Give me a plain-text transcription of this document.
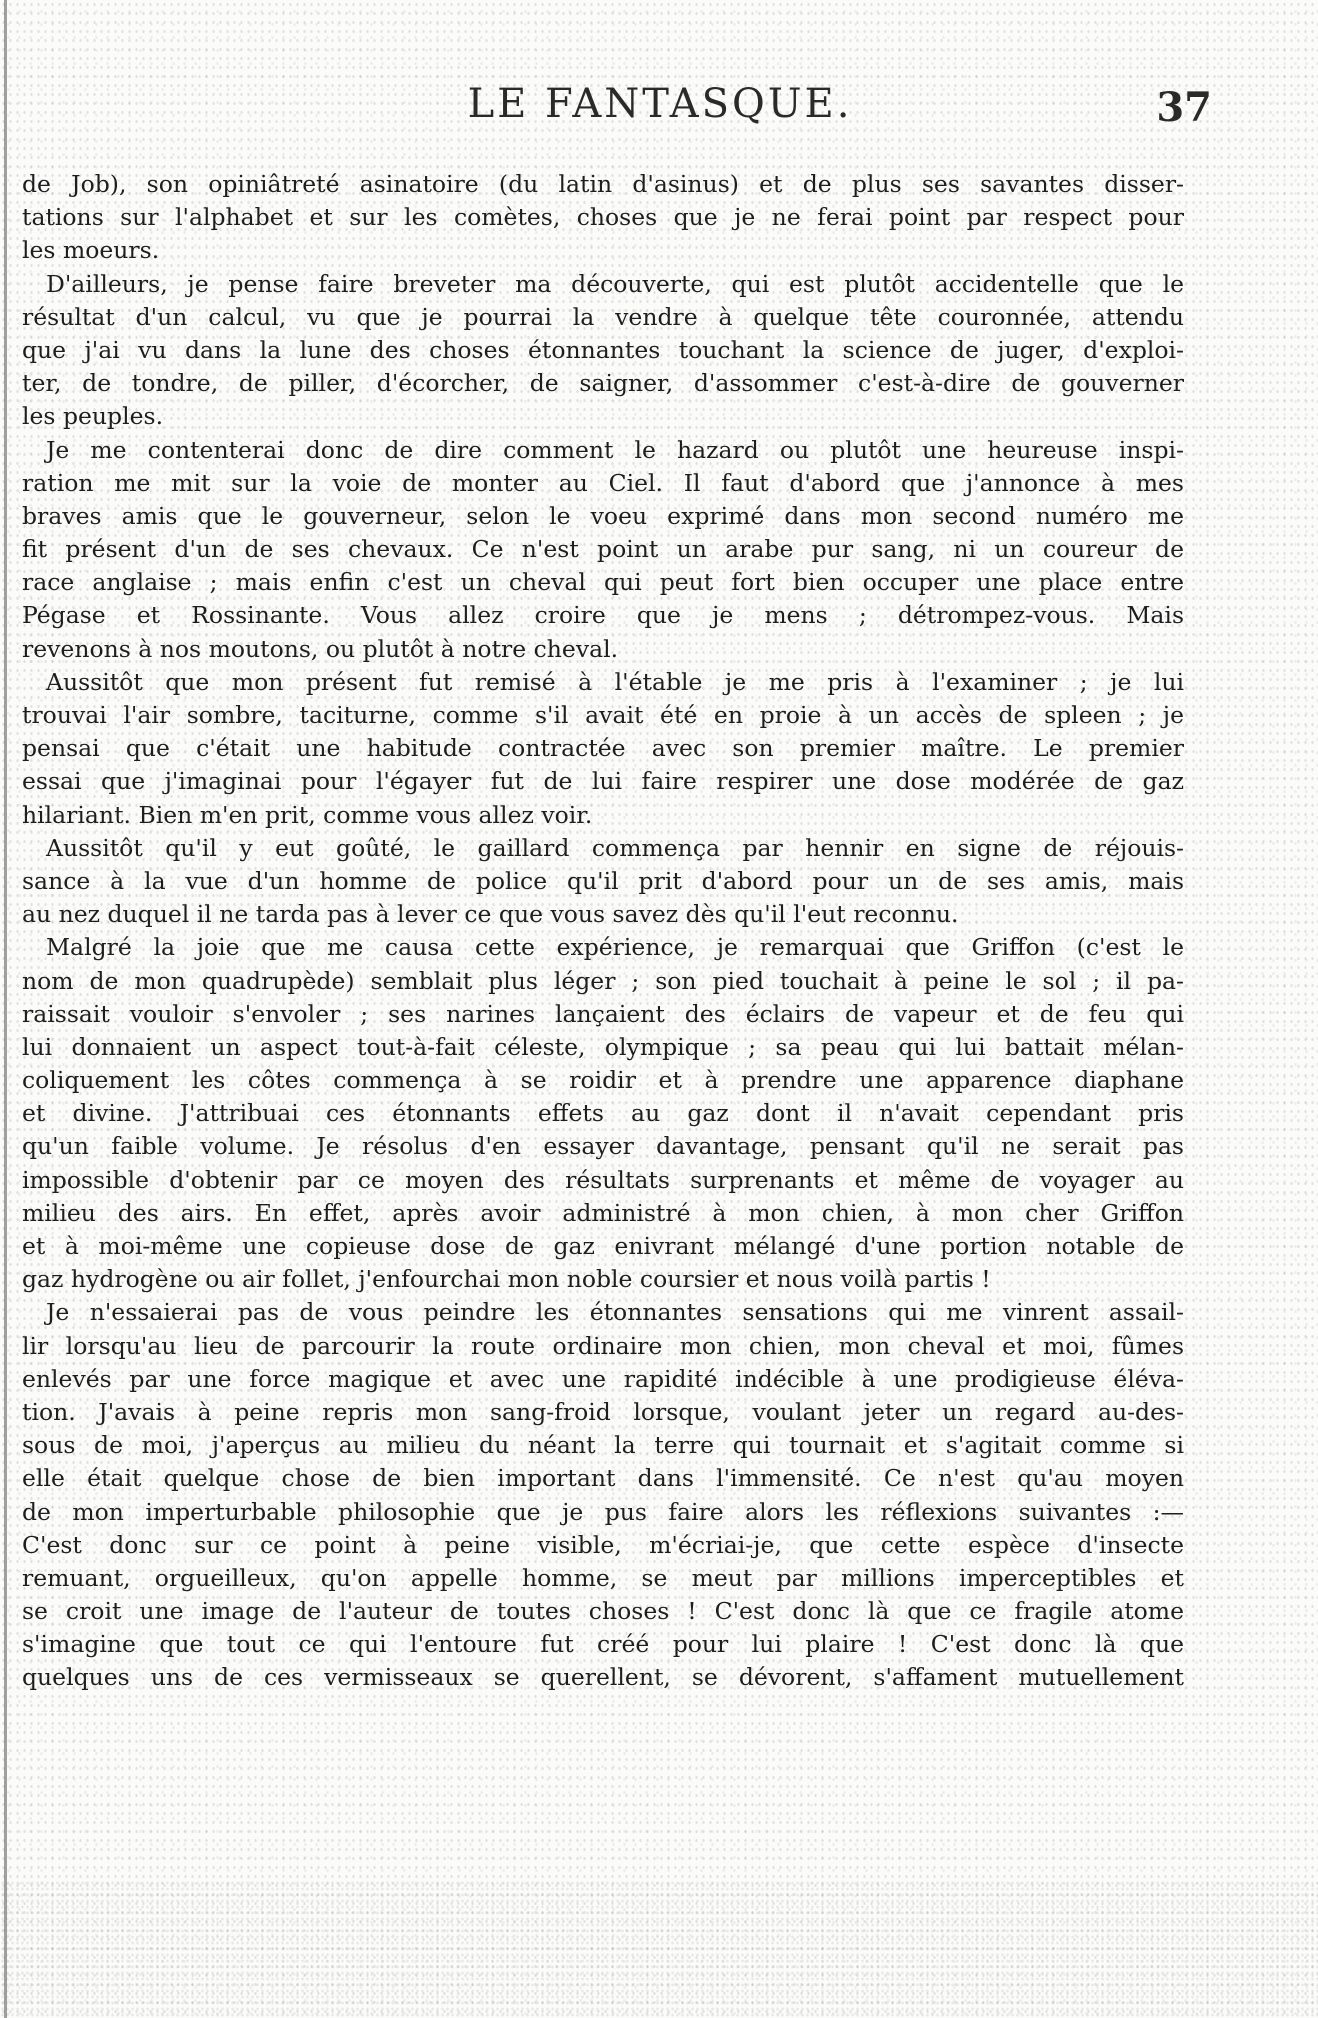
LE FANTASQUE.	37
de Job), son opiniâtreté asinatoire (du latin d'asinus) et de plus ses savantes disser-
tations sur l'alphabet et sur les comètes, choses que je ne ferai point par respect pour
les moeurs.
D'ailleurs, je pense faire breveter ma découverte, qui est plutôt accidentelle que le
résultat d'un calcul, vu que je pourrai la vendre à quelque tête couronnée, attendu
que j'ai vu dans la lune des choses étonnantes touchant la science de juger, d'exploi-
ter, de tondre, de piller, d'écorcher, de saigner, d'assommer c'est-à-dire de gouverner
les peuples.
Je me contenterai donc de dire comment le hazard ou plutôt une heureuse inspi-
ration me mit sur la voie de monter au Ciel. Il faut d'abord que j'annonce à mes
braves amis que le gouverneur, selon le voeu exprimé dans mon second numéro me
fit présent d'un de ses chevaux. Ce n'est point un arabe pur sang, ni un coureur de
race anglaise ; mais enfin c'est un cheval qui peut fort bien occuper une place entre
Pégase et Rossinante. Vous allez croire que je mens ; détrompez-vous. Mais
revenons à nos moutons, ou plutôt à notre cheval.
Aussitôt que mon présent fut remisé à l'étable je me pris à l'examiner ; je lui
trouvai l'air sombre, taciturne, comme s'il avait été en proie à un accès de spleen ; je
pensai que c'était une habitude contractée avec son premier maître. Le premier
essai que j'imaginai pour l'égayer fut de lui faire respirer une dose modérée de gaz
hilariant. Bien m'en prit, comme vous allez voir.
Aussitôt qu'il y eut goûté, le gaillard commença par hennir en signe de réjouis-
sance à la vue d'un homme de police qu'il prit d'abord pour un de ses amis, mais
au nez duquel il ne tarda pas à lever ce que vous savez dès qu'il l'eut reconnu.
Malgré la joie que me causa cette expérience, je remarquai que Griffon (c'est le
nom de mon quadrupède) semblait plus léger ; son pied touchait à peine le sol ; il pa-
raissait vouloir s'envoler ; ses narines lançaient des éclairs de vapeur et de feu qui
lui donnaient un aspect tout-à-fait céleste, olympique ; sa peau qui lui battait mélan-
coliquement les côtes commença à se roidir et à prendre une apparence diaphane
et divine. J'attribuai ces étonnants effets au gaz dont il n'avait cependant pris
qu'un faible volume. Je résolus d'en essayer davantage, pensant qu'il ne serait pas
impossible d'obtenir par ce moyen des résultats surprenants et même de voyager au
milieu des airs. En effet, après avoir administré à mon chien, à mon cher Griffon
et à moi-même une copieuse dose de gaz enivrant mélangé d'une portion notable de
gaz hydrogène ou air follet, j'enfourchai mon noble coursier et nous voilà partis !
Je n'essaierai pas de vous peindre les étonnantes sensations qui me vinrent assail-
lir lorsqu'au lieu de parcourir la route ordinaire mon chien, mon cheval et moi, fûmes
enlevés par une force magique et avec une rapidité indécible à une prodigieuse éléva-
tion. J'avais à peine repris mon sang-froid lorsque, voulant jeter un regard au-des-
sous de moi, j'aperçus au milieu du néant la terre qui tournait et s'agitait comme si
elle était quelque chose de bien important dans l'immensité. Ce n'est qu'au moyen
de mon imperturbable philosophie que je pus faire alors les réflexions suivantes :—
C'est donc sur ce point à peine visible, m'écriai-je, que cette espèce d'insecte
remuant, orgueilleux, qu'on appelle homme, se meut par millions imperceptibles et
se croit une image de l'auteur de toutes choses ! C'est donc là que ce fragile atome
s'imagine que tout ce qui l'entoure fut créé pour lui plaire ! C'est donc là que
quelques uns de ces vermisseaux se querellent, se dévorent, s'affament mutuellement
